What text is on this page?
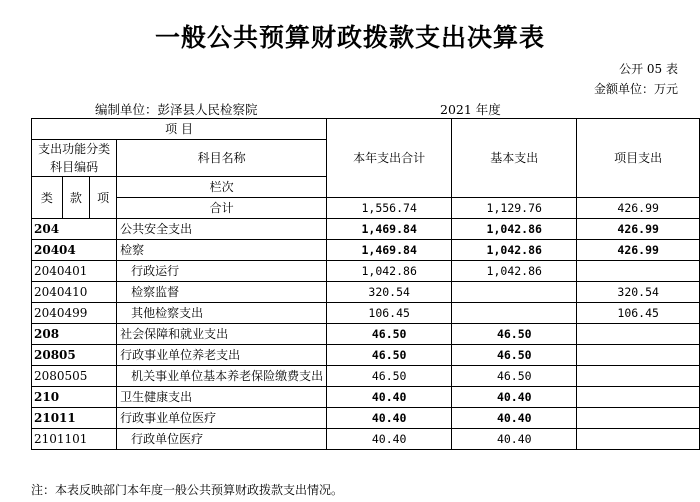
一般公共预算财政拨款支出决算表
公开 05 表
金额单位：万元
编制单位：彭泽县人民检察院	2021 年度
项 目				本年支出合计	基本支出	项目支出
支出功能分类科目编码			科目名称			

类	款	项	栏次			
			合计	1,556.74	1,129.76	426.99
204			公共安全支出	1,469.84	1,042.86	426.99
20404			检察	1,469.84	1,042.86	426.99
2040401			行政运行	1,042.86	1,042.86	
2040410			检察监督	320.54		320.54
2040499			其他检察支出	106.45		106.45
208			社会保障和就业支出	46.50	46.50	
20805			行政事业单位养老支出	46.50	46.50	
2080505			机关事业单位基本养老保险缴费支出	46.50	46.50	
210			卫生健康支出	40.40	40.40	
21011			行政事业单位医疗	40.40	40.40	
2101101			行政单位医疗	40.40	40.40	
注：本表反映部门本年度一般公共预算财政拨款支出情况。
